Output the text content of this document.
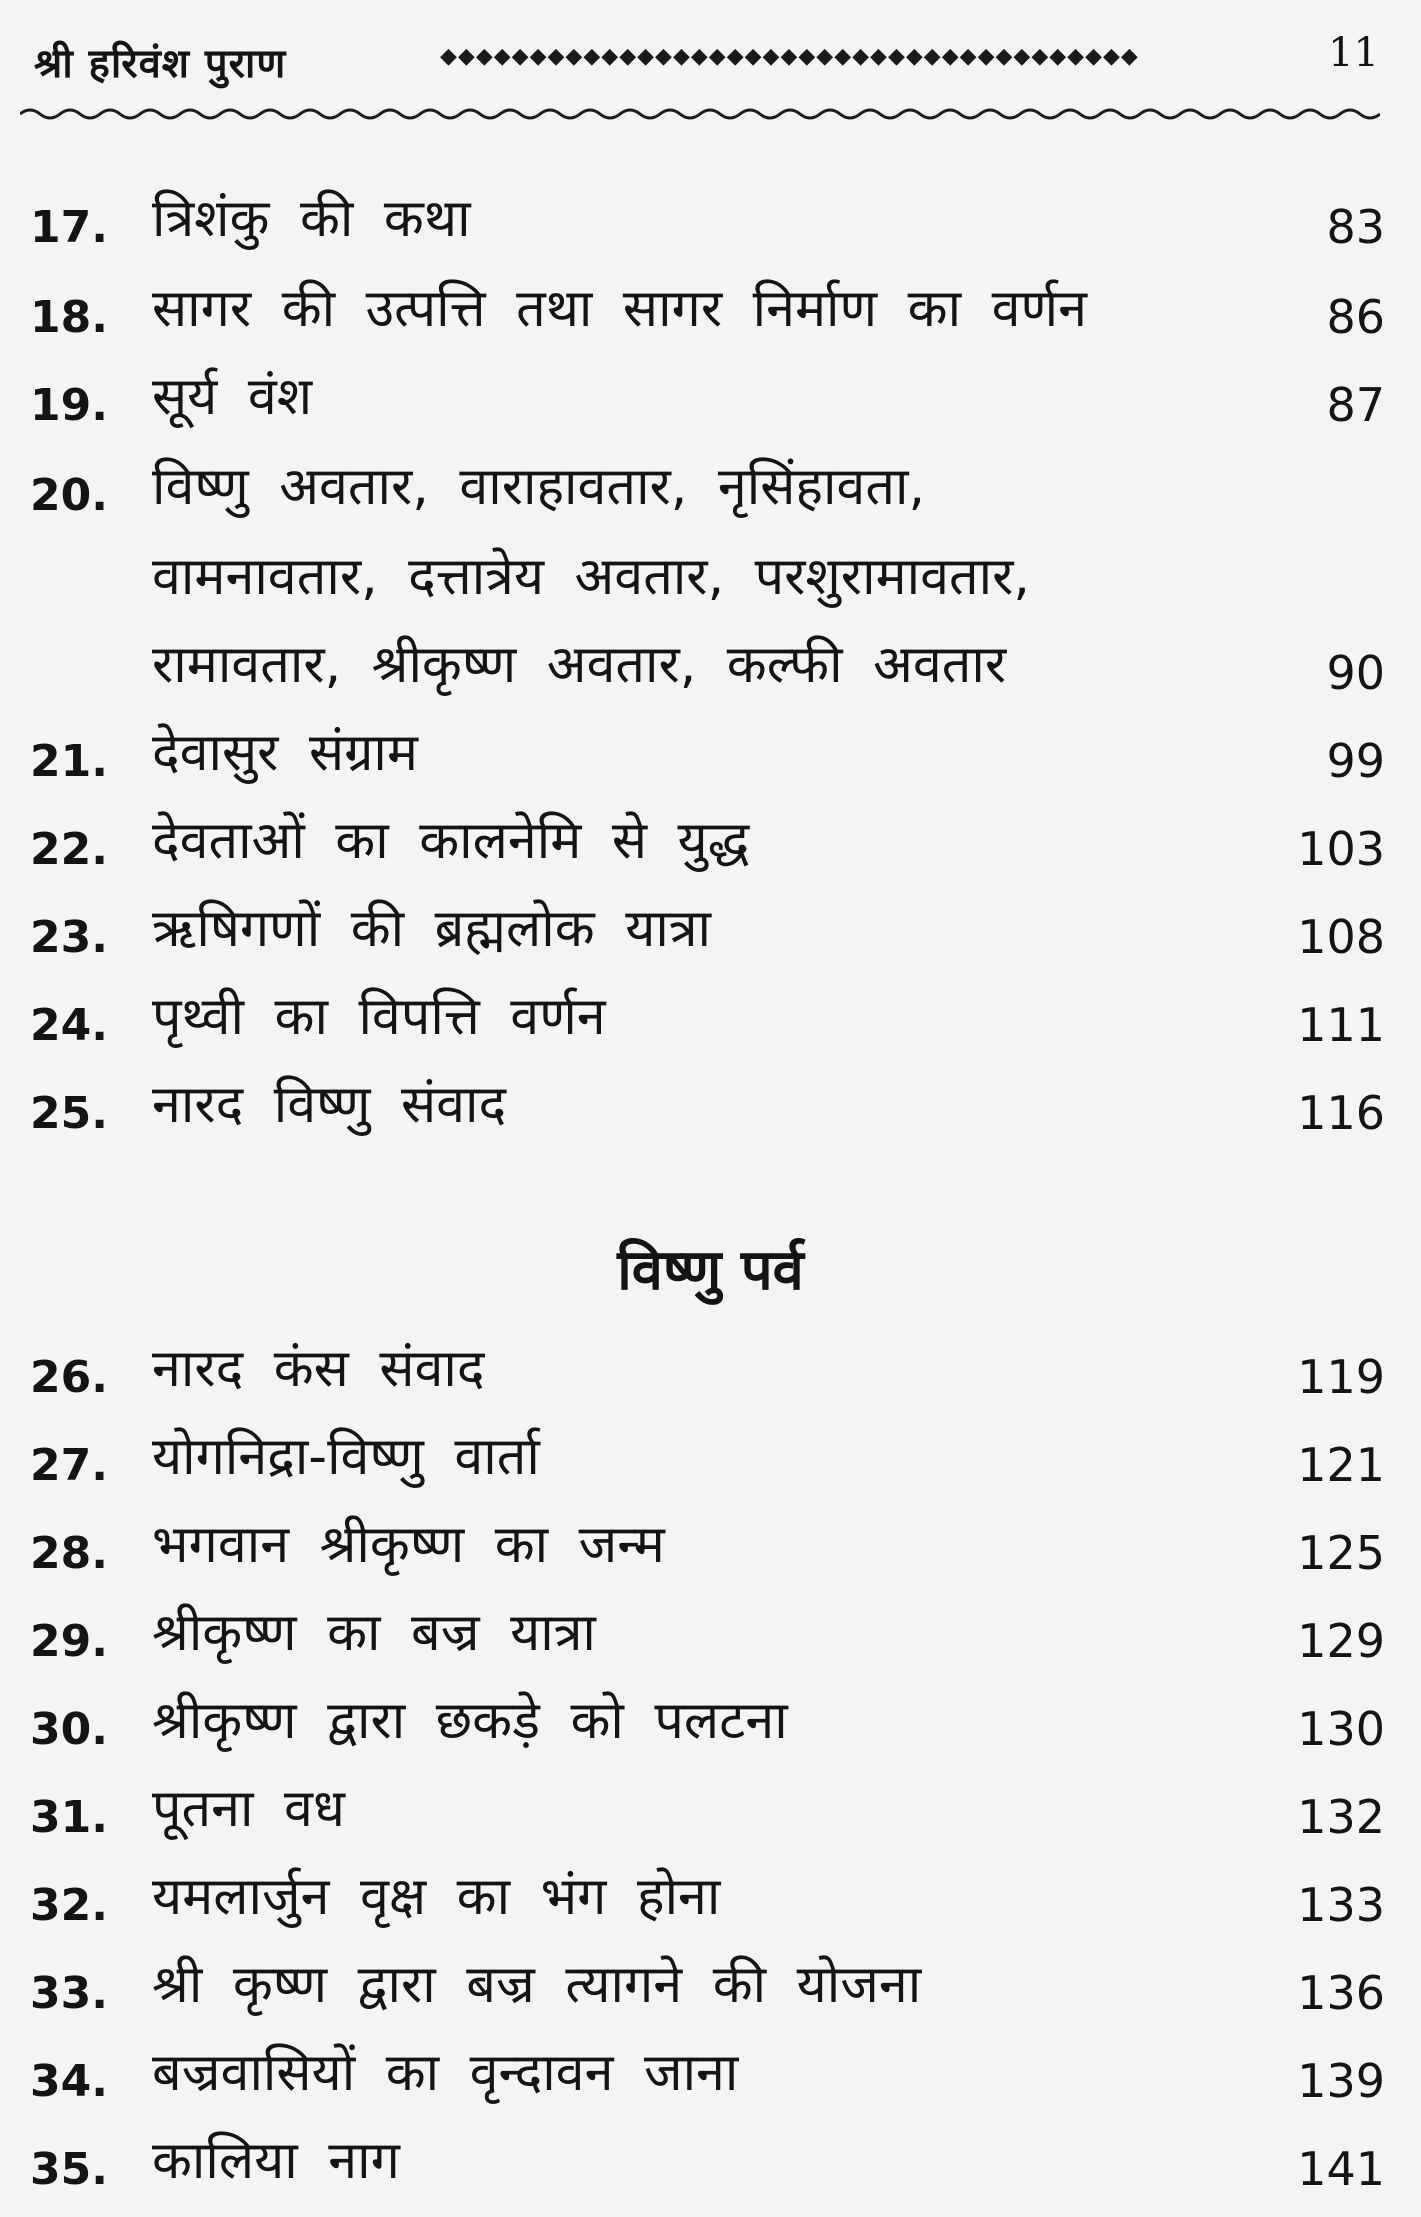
श्री हरिवंश पुराण	◆◆◆◆◆◆◆◆◆◆◆◆◆◆◆◆◆◆◆◆◆◆◆◆◆◆◆◆◆◆◆◆◆◆◆◆◆◆◆	11
17. त्रिशंकु की कथा	83
18. सागर की उत्पत्ति तथा सागर निर्माण का वर्णन	86
19. सूर्य वंश	87
20. विष्णु अवतार, वाराहावतार, नृसिंहावता,
वामनावतार, दत्तात्रेय अवतार, परशुरामावतार,
रामावतार, श्रीकृष्ण अवतार, कल्फी अवतार	90
21. देवासुर संग्राम	99
22. देवताओं का कालनेमि से युद्ध	103
23. ऋषिगणों की ब्रह्मलोक यात्रा	108
24. पृथ्वी का विपत्ति वर्णन	111
25. नारद विष्णु संवाद	116
विष्णु पर्व
26. नारद कंस संवाद	119
27. योगनिद्रा-विष्णु वार्ता	121
28. भगवान श्रीकृष्ण का जन्म	125
29. श्रीकृष्ण का बज्र यात्रा	129
30. श्रीकृष्ण द्वारा छकड़े को पलटना	130
31. पूतना वध	132
32. यमलार्जुन वृक्ष का भंग होना	133
33. श्री कृष्ण द्वारा बज्र त्यागने की योजना	136
34. बज्रवासियों का वृन्दावन जाना	139
35. कालिया नाग	141
